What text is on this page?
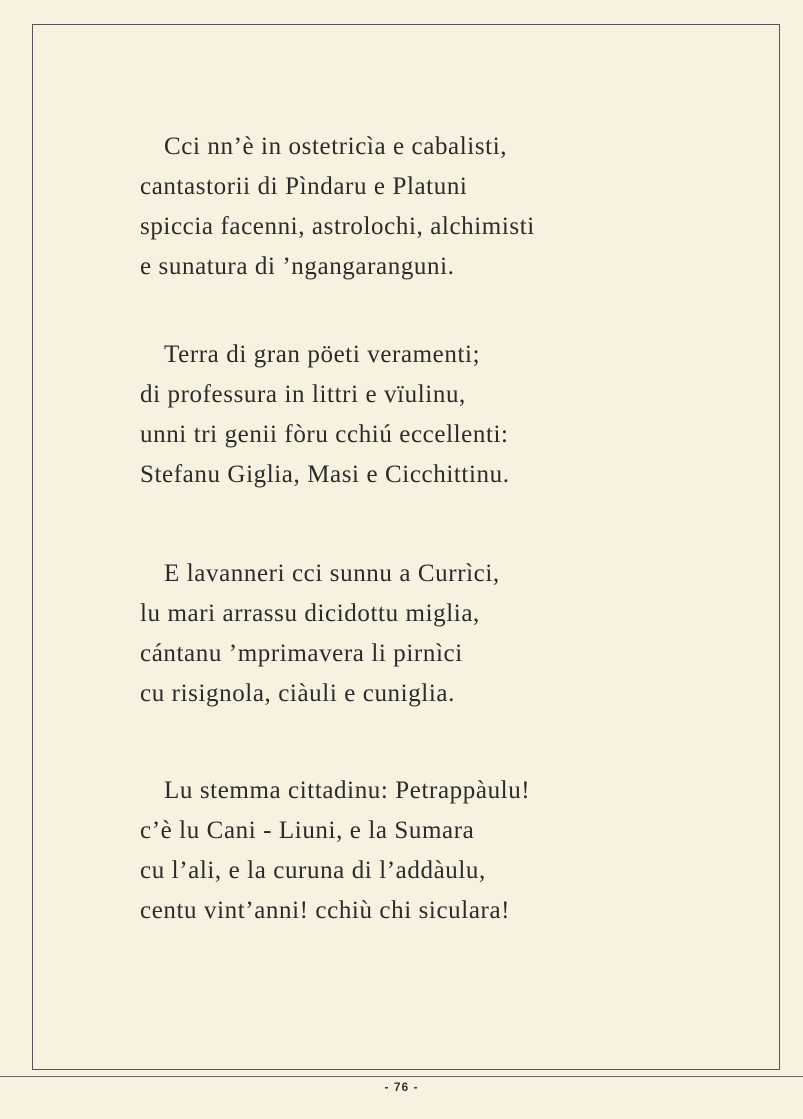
Cci nn’è in ostetricìa e cabalisti,
cantastorii di Pìndaru e Platuni
spiccia facenni, astrolochi, alchimisti
e sunatura di ’ngangaranguni.
Terra di gran pöeti veramenti;
di professura in littri e vïulinu,
unni tri genii fòru cchiú eccellenti:
Stefanu Giglia, Masi e Cicchittinu.
E lavanneri cci sunnu a Currìci,
lu mari arrassu dicidottu miglia,
cántanu ’mprimavera li pirnìci
cu risignola, ciàuli e cuniglia.
Lu stemma cittadinu: Petrappàulu!
c’è lu Cani - Liuni, e la Sumara
cu l’ali, e la curuna di l’addàulu,
centu vint’anni! cchiù chi siculara!
- 76 -
